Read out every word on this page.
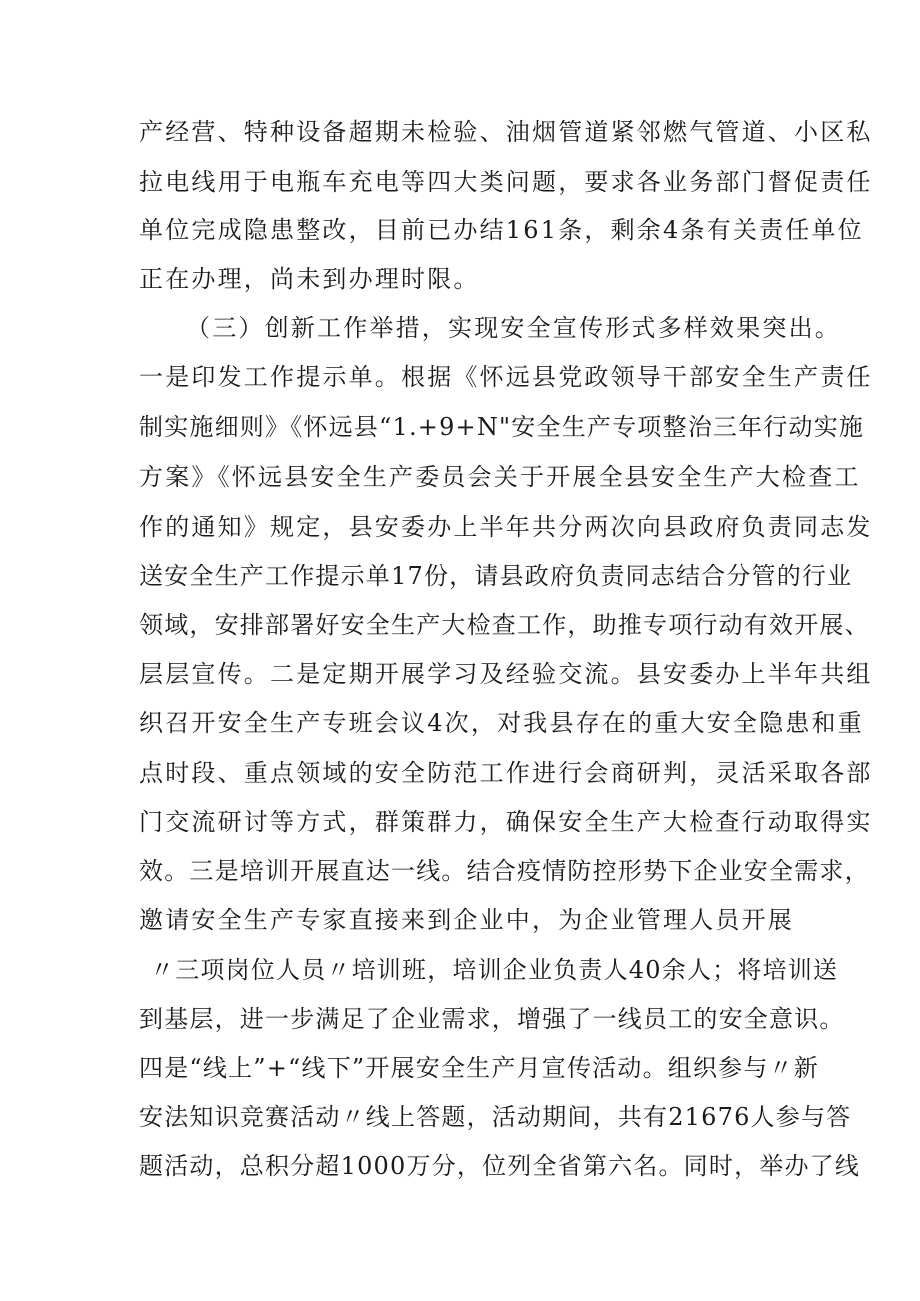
产经营、特种设备超期未检验、油烟管道紧邻燃气管道、小区私
拉电线用于电瓶车充电等四大类问题，要求各业务部门督促责任
单位完成隐患整改，目前已办结161条，剩余4条有关责任单位
正在办理，尚未到办理时限。
（三）创新工作举措，实现安全宣传形式多样效果突出。
一是印发工作提示单。根据《怀远县党政领导干部安全生产责任
制实施细则》《怀远县“1.+9+N"安全生产专项整治三年行动实施
方案》《怀远县安全生产委员会关于开展全县安全生产大检查工
作的通知》规定，县安委办上半年共分两次向县政府负责同志发
送安全生产工作提示单17份，请县政府负责同志结合分管的行业
领域，安排部署好安全生产大检查工作，助推专项行动有效开展、
层层宣传。二是定期开展学习及经验交流。县安委办上半年共组
织召开安全生产专班会议4次，对我县存在的重大安全隐患和重
点时段、重点领域的安全防范工作进行会商研判，灵活采取各部
门交流研讨等方式，群策群力，确保安全生产大检查行动取得实
效。三是培训开展直达一线。结合疫情防控形势下企业安全需求，
邀请安全生产专家直接来到企业中，为企业管理人员开展
〃三项岗位人员〃培训班，培训企业负责人40余人；将培训送
到基层，进一步满足了企业需求，增强了一线员工的安全意识。
四是“线上”+“线下”开展安全生产月宣传活动。组织参与〃新
安法知识竞赛活动〃线上答题，活动期间，共有21676人参与答
题活动，总积分超1000万分，位列全省第六名。同时，举办了线
